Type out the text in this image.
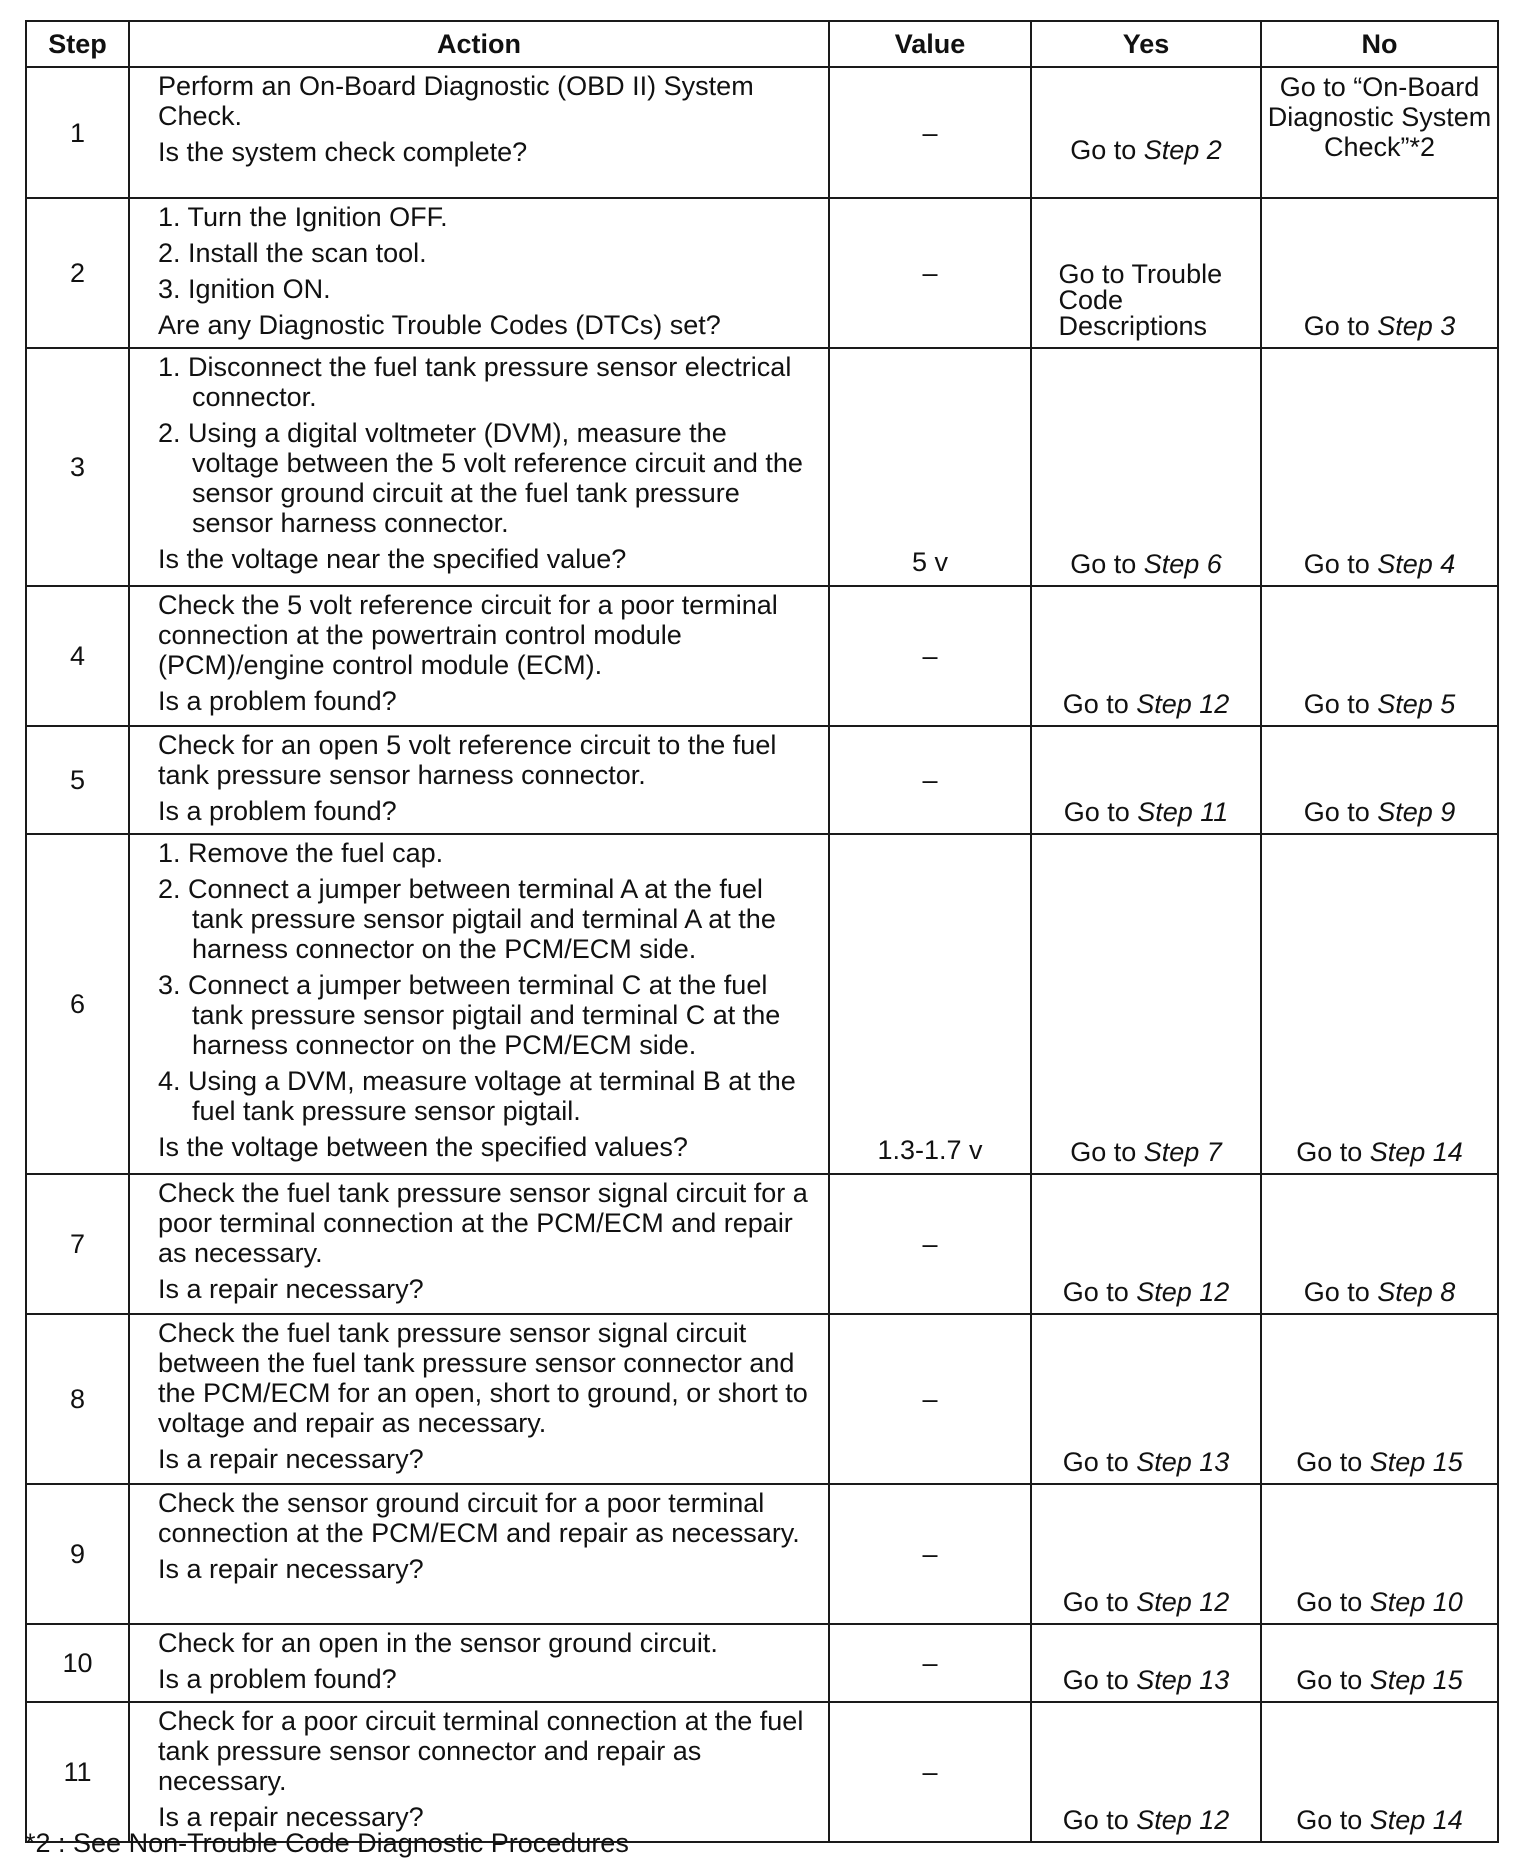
Step	Action	Value	Yes	No
1	Perform an On-Board Diagnostic (OBD II) System Check.

Is the system check complete?	–	Go to Step 2	Go to “On-Board Diagnostic System Check”*2
2	1. Turn the Ignition OFF.

2. Install the scan tool.

3. Ignition ON.

Are any Diagnostic Trouble Codes (DTCs) set?	–	Go to Trouble Code Descriptions	Go to Step 3
3	1. Disconnect the fuel tank pressure sensor electrical connector.

2. Using a digital voltmeter (DVM), measure the voltage between the 5 volt reference circuit and the sensor ground circuit at the fuel tank pressure sensor harness connector.

Is the voltage near the specified value?	5 v	Go to Step 6	Go to Step 4
4	Check the 5 volt reference circuit for a poor terminal connection at the powertrain control module (PCM)/engine control module (ECM).

Is a problem found?	–	Go to Step 12	Go to Step 5
5	Check for an open 5 volt reference circuit to the fuel tank pressure sensor harness connector.

Is a problem found?	–	Go to Step 11	Go to Step 9
6	1. Remove the fuel cap.

2. Connect a jumper between terminal A at the fuel tank pressure sensor pigtail and terminal A at the harness connector on the PCM/ECM side.

3. Connect a jumper between terminal C at the fuel tank pressure sensor pigtail and terminal C at the harness connector on the PCM/ECM side.

4. Using a DVM, measure voltage at terminal B at the fuel tank pressure sensor pigtail.

Is the voltage between the specified values?	1.3-1.7 v	Go to Step 7	Go to Step 14
7	Check the fuel tank pressure sensor signal circuit for a poor terminal connection at the PCM/ECM and repair as necessary.

Is a repair necessary?	–	Go to Step 12	Go to Step 8
8	Check the fuel tank pressure sensor signal circuit between the fuel tank pressure sensor connector and the PCM/ECM for an open, short to ground, or short to voltage and repair as necessary.

Is a repair necessary?	–	Go to Step 13	Go to Step 15
9	Check the sensor ground circuit for a poor terminal connection at the PCM/ECM and repair as necessary.

Is a repair necessary?	–	Go to Step 12	Go to Step 10
10	Check for an open in the sensor ground circuit.

Is a problem found?	–	Go to Step 13	Go to Step 15
11	Check for a poor circuit terminal connection at the fuel tank pressure sensor connector and repair as necessary.

Is a repair necessary?	–	Go to Step 12	Go to Step 14
*2 : See Non-Trouble Code Diagnostic Procedures
